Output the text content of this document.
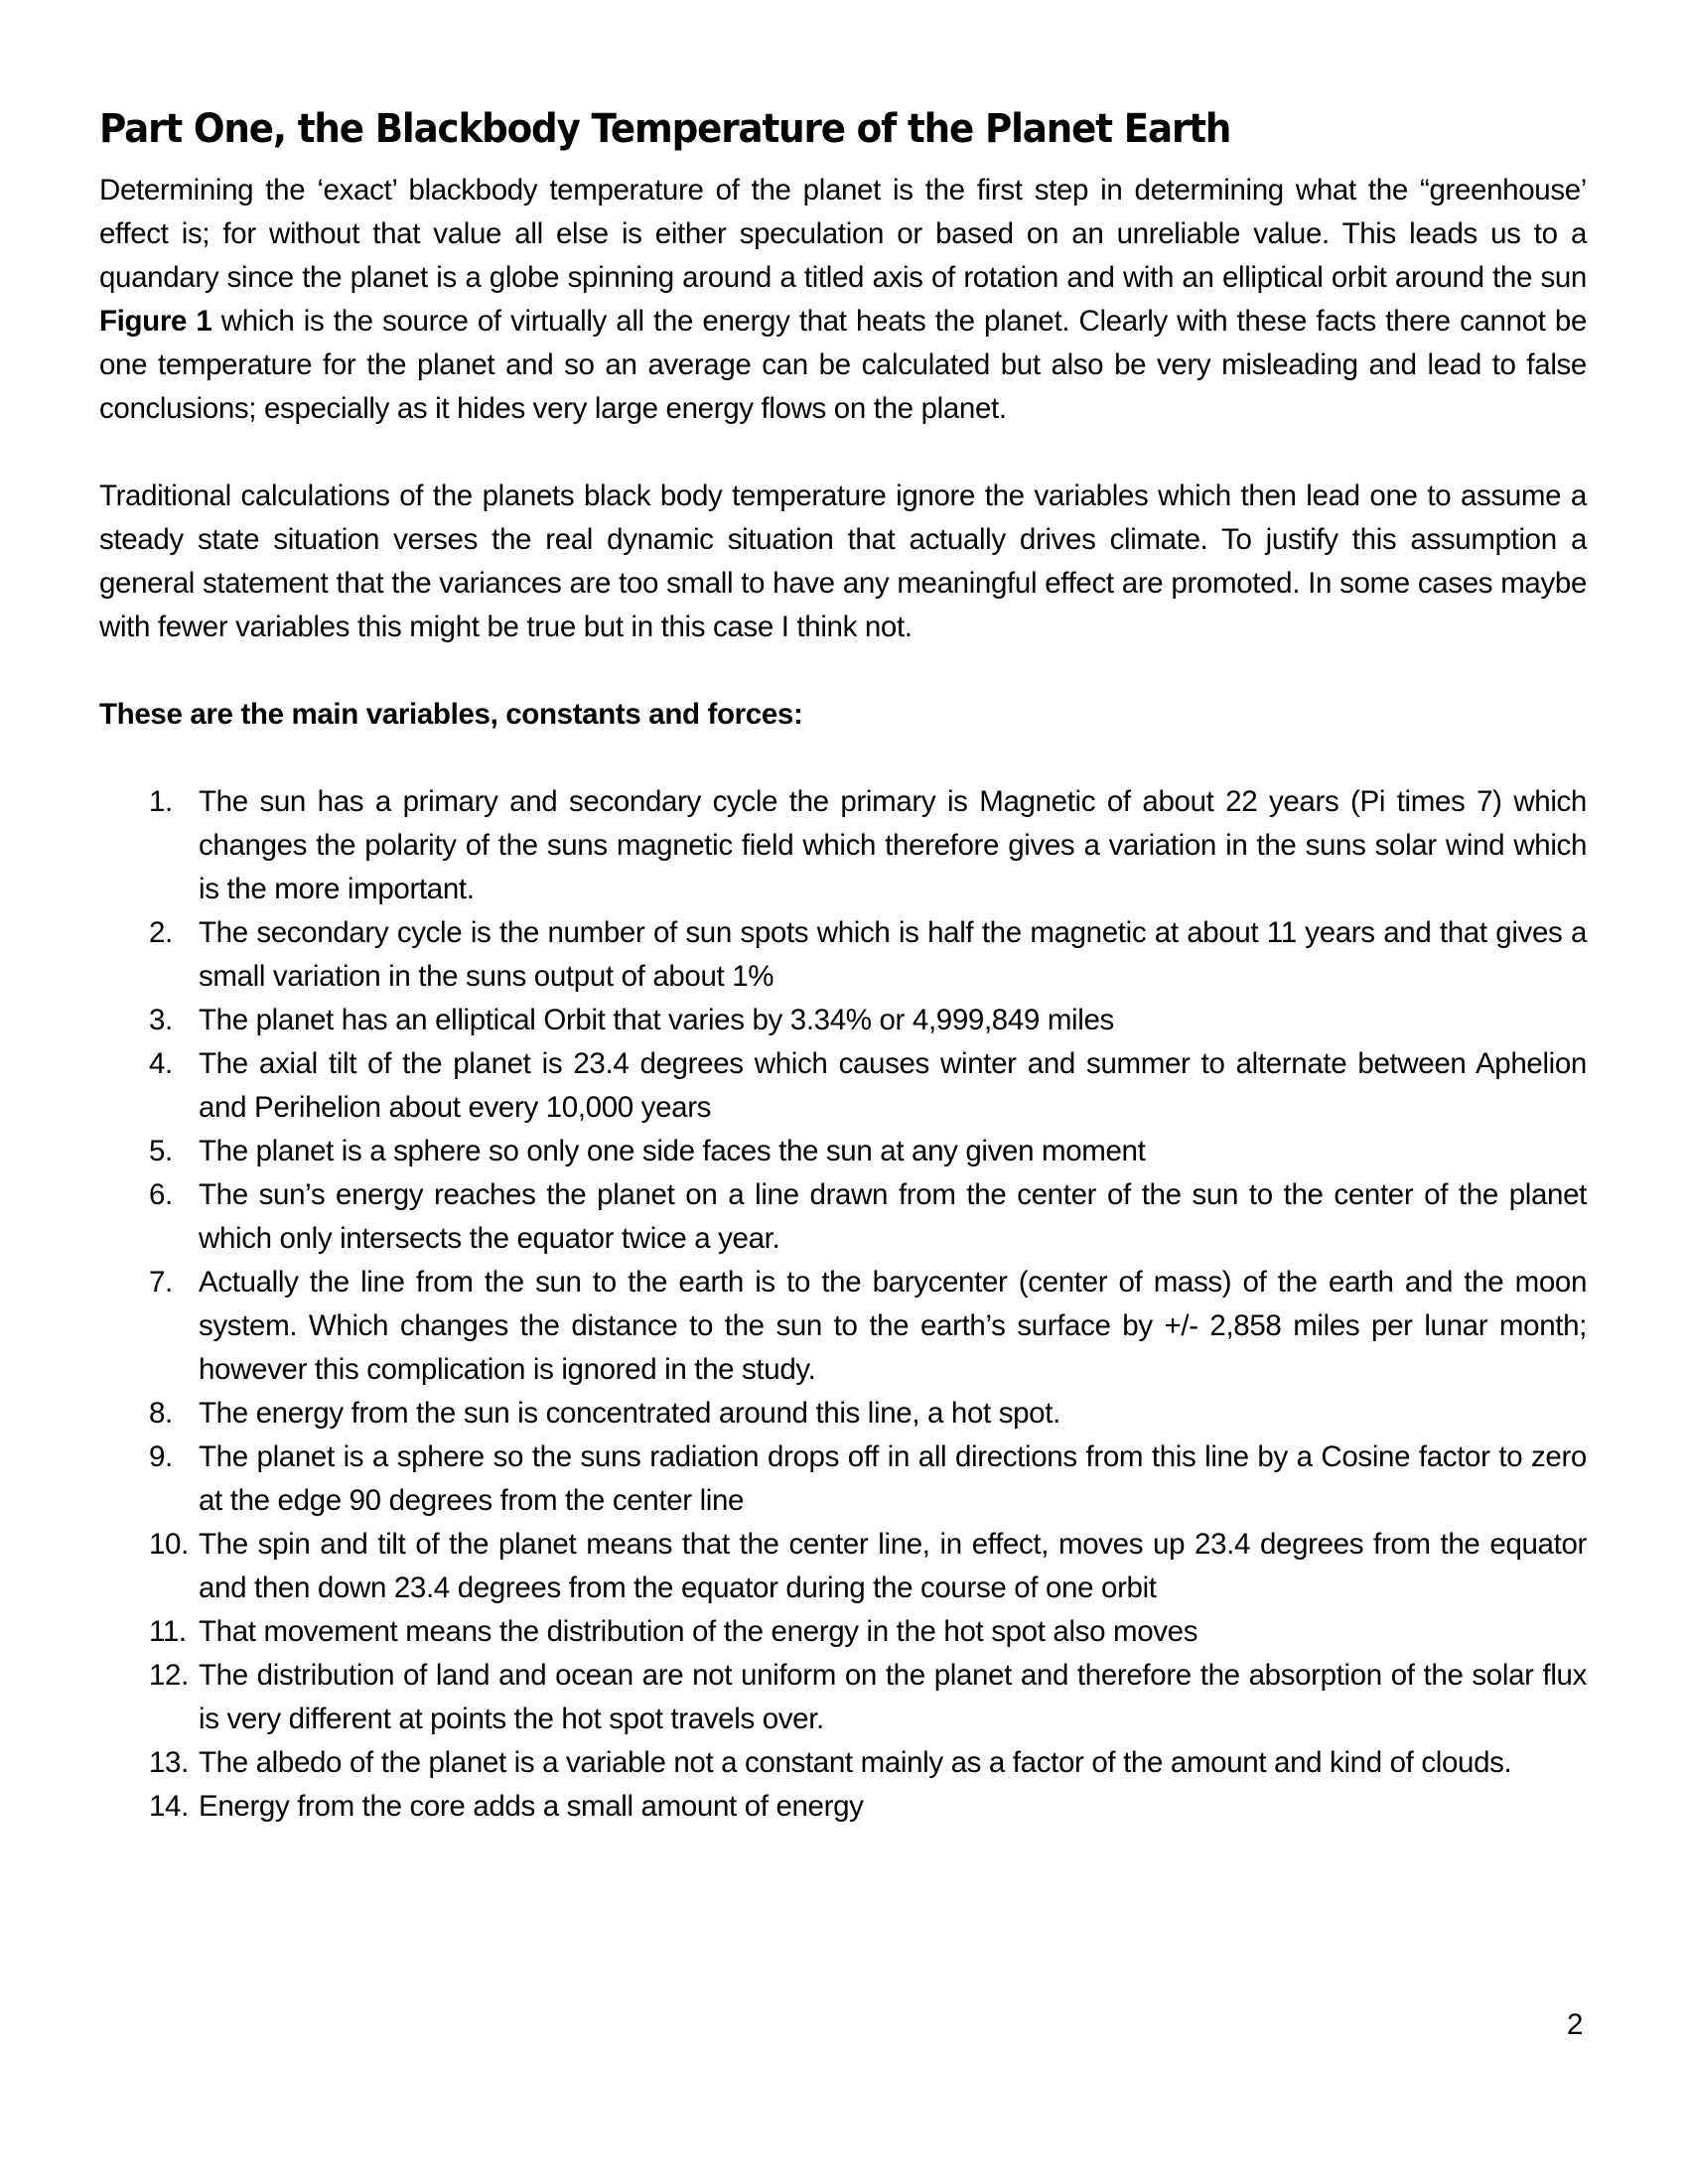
Part One, the Blackbody Temperature of the Planet Earth

Determining the ‘exact’ blackbody temperature of the planet is the first step in determining what the “greenhouse’ effect is; for without that value all else is either speculation or based on an unreliable value. This leads us to a quandary since the planet is a globe spinning around a titled axis of rotation and with an elliptical orbit around the sun Figure 1 which is the source of virtually all the energy that heats the planet. Clearly with these facts there cannot be one temperature for the planet and so an average can be calculated but also be very misleading and lead to false conclusions; especially as it hides very large energy flows on the planet.

Traditional calculations of the planets black body temperature ignore the variables which then lead one to assume a steady state situation verses the real dynamic situation that actually drives climate. To justify this assumption a general statement that the variances are too small to have any meaningful effect are promoted. In some cases maybe with fewer variables this might be true but in this case I think not.

These are the main variables, constants and forces:

1. The sun has a primary and secondary cycle the primary is Magnetic of about 22 years (Pi times 7) which changes the polarity of the suns magnetic field which therefore gives a variation in the suns solar wind which is the more important.
2. The secondary cycle is the number of sun spots which is half the magnetic at about 11 years and that gives a small variation in the suns output of about 1%
3. The planet has an elliptical Orbit that varies by 3.34% or 4,999,849 miles
4. The axial tilt of the planet is 23.4 degrees which causes winter and summer to alternate between Aphelion and Perihelion about every 10,000 years
5. The planet is a sphere so only one side faces the sun at any given moment
6. The sun’s energy reaches the planet on a line drawn from the center of the sun to the center of the planet which only intersects the equator twice a year.
7. Actually the line from the sun to the earth is to the barycenter (center of mass) of the earth and the moon system. Which changes the distance to the sun to the earth’s surface by +/- 2,858 miles per lunar month; however this complication is ignored in the study.
8. The energy from the sun is concentrated around this line, a hot spot.
9. The planet is a sphere so the suns radiation drops off in all directions from this line by a Cosine factor to zero at the edge 90 degrees from the center line
10. The spin and tilt of the planet means that the center line, in effect, moves up 23.4 degrees from the equator and then down 23.4 degrees from the equator during the course of one orbit
11. That movement means the distribution of the energy in the hot spot also moves
12. The distribution of land and ocean are not uniform on the planet and therefore the absorption of the solar flux is very different at points the hot spot travels over.
13. The albedo of the planet is a variable not a constant mainly as a factor of the amount and kind of clouds.
14. Energy from the core adds a small amount of energy
2
